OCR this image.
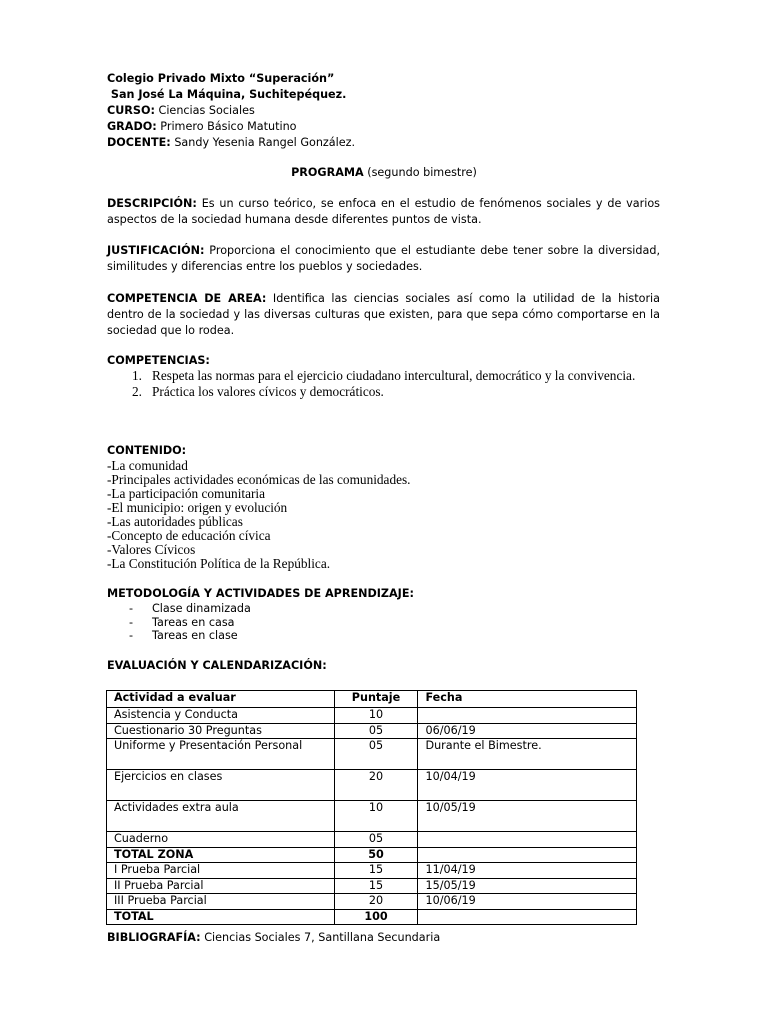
Colegio Privado Mixto “Superación”
San José La Máquina, Suchitepéquez.
CURSO: Ciencias Sociales
GRADO: Primero Básico Matutino
DOCENTE: Sandy Yesenia Rangel González.
PROGRAMA (segundo bimestre)
DESCRIPCIÓN: Es un curso teórico, se enfoca en el estudio de fenómenos sociales y de varios aspectos de la sociedad humana desde diferentes puntos de vista.
JUSTIFICACIÓN: Proporciona el conocimiento que el estudiante debe tener sobre la diversidad, similitudes y diferencias entre los pueblos y sociedades.
COMPETENCIA DE AREA: Identifica las ciencias sociales así como la utilidad de la historia dentro de la sociedad y las diversas culturas que existen, para que sepa cómo comportarse en la sociedad que lo rodea.
COMPETENCIAS:
1. Respeta las normas para el ejercicio ciudadano intercultural, democrático y la convivencia.
2. Práctica los valores cívicos y democráticos.
CONTENIDO:
-La comunidad
-Principales actividades económicas de las comunidades.
-La participación comunitaria
-El municipio: origen y evolución
-Las autoridades públicas
-Concepto de educación cívica
-Valores Cívicos
-La Constitución Política de la República.
METODOLOGÍA Y ACTIVIDADES DE APRENDIZAJE:
- Clase dinamizada
- Tareas en casa
- Tareas en clase
EVALUACIÓN Y CALENDARIZACIÓN:
Actividad a evaluar	Puntaje	Fecha
Asistencia y Conducta	10	
Cuestionario 30 Preguntas	05	06/06/19
Uniforme y Presentación Personal	05	Durante el Bimestre.
Ejercicios en clases	20	10/04/19
Actividades extra aula	10	10/05/19
Cuaderno	05	
TOTAL ZONA	50	
I Prueba Parcial	15	11/04/19
II Prueba Parcial	15	15/05/19
III Prueba Parcial	20	10/06/19
TOTAL	100	
BIBLIOGRAFÍA: Ciencias Sociales 7, Santillana Secundaria
